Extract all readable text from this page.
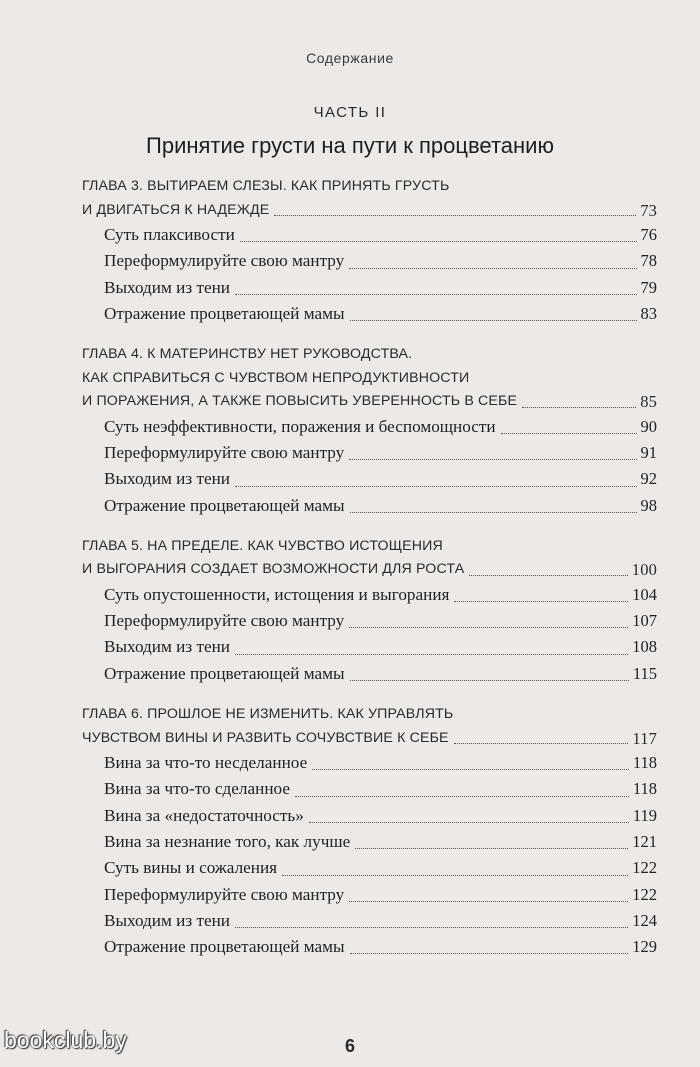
Содержание
ЧАСТЬ II
Принятие грусти на пути к процветанию
ГЛАВА 3. ВЫТИРАЕМ СЛЕЗЫ. КАК ПРИНЯТЬ ГРУСТЬ
И ДВИГАТЬСЯ К НАДЕЖДЕ	73
Суть плаксивости	76
Переформулируйте свою мантру	78
Выходим из тени	79
Отражение процветающей мамы	83
ГЛАВА 4. К МАТЕРИНСТВУ НЕТ РУКОВОДСТВА.
КАК СПРАВИТЬСЯ С ЧУВСТВОМ НЕПРОДУКТИВНОСТИ
И ПОРАЖЕНИЯ, А ТАКЖЕ ПОВЫСИТЬ УВЕРЕННОСТЬ В СЕБЕ	85
Суть неэффективности, поражения и беспомощности	90
Переформулируйте свою мантру	91
Выходим из тени	92
Отражение процветающей мамы	98
ГЛАВА 5. НА ПРЕДЕЛЕ. КАК ЧУВСТВО ИСТОЩЕНИЯ
И ВЫГОРАНИЯ СОЗДАЕТ ВОЗМОЖНОСТИ ДЛЯ РОСТА	100
Суть опустошенности, истощения и выгорания	104
Переформулируйте свою мантру	107
Выходим из тени	108
Отражение процветающей мамы	115
ГЛАВА 6. ПРОШЛОЕ НЕ ИЗМЕНИТЬ. КАК УПРАВЛЯТЬ
ЧУВСТВОМ ВИНЫ И РАЗВИТЬ СОЧУВСТВИЕ К СЕБЕ	117
Вина за что-то несделанное	118
Вина за что-то сделанное	118
Вина за «недостаточность»	119
Вина за незнание того, как лучше	121
Суть вины и сожаления	122
Переформулируйте свою мантру	122
Выходим из тени	124
Отражение процветающей мамы	129
6
bookclub.by
